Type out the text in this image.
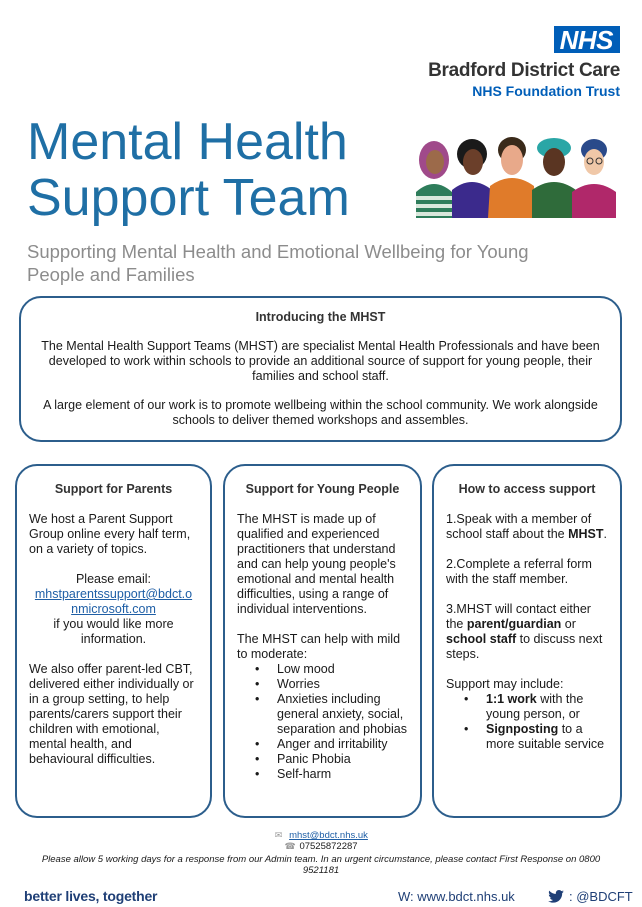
NHS
Bradford District Care
NHS Foundation Trust
Mental Health
Support Team
Supporting Mental Health and Emotional Wellbeing for Young People and Families
Introducing the MHST

The Mental Health Support Teams (MHST) are specialist Mental Health Professionals and have been developed to work within schools to provide an additional source of support for young people, their families and school staff.

A large element of our work is to promote wellbeing within the school community. We work alongside schools to deliver themed workshops and assembles.

Support for Parents

We host a Parent Support Group online every half term, on a variety of topics.

Please email:
mhstparentssupport@bdct.o
nmicrosoft.com
if you would like more information.

We also offer parent-led CBT, delivered either individually or in a group setting, to help parents/carers support their children with emotional, mental health, and behavioural difficulties.

Support for Young People

The MHST is made up of qualified and experienced practitioners that understand and can help young people's emotional and mental health difficulties, using a range of individual interventions.

The MHST can help with mild to moderate:

• Low mood
• Worries
• Anxieties including general anxiety, social, separation and phobias
• Anger and irritability
• Panic Phobia
• Self-harm
How to access support

1.Speak with a member of school staff about the MHST.

2.Complete a referral form with the staff member.

3.MHST will contact either the parent/guardian or school staff to discuss next steps.

Support may include:

• 1:1 work with the young person, or
• Signposting to a more suitable service
✉ mhst@bdct.nhs.uk
☎ 07525872287
Please allow 5 working days for a response from our Admin team. In an urgent circumstance, please contact First Response on 0800 9521181
better lives, together	W: www.bdct.nhs.uk	: @BDCFT
